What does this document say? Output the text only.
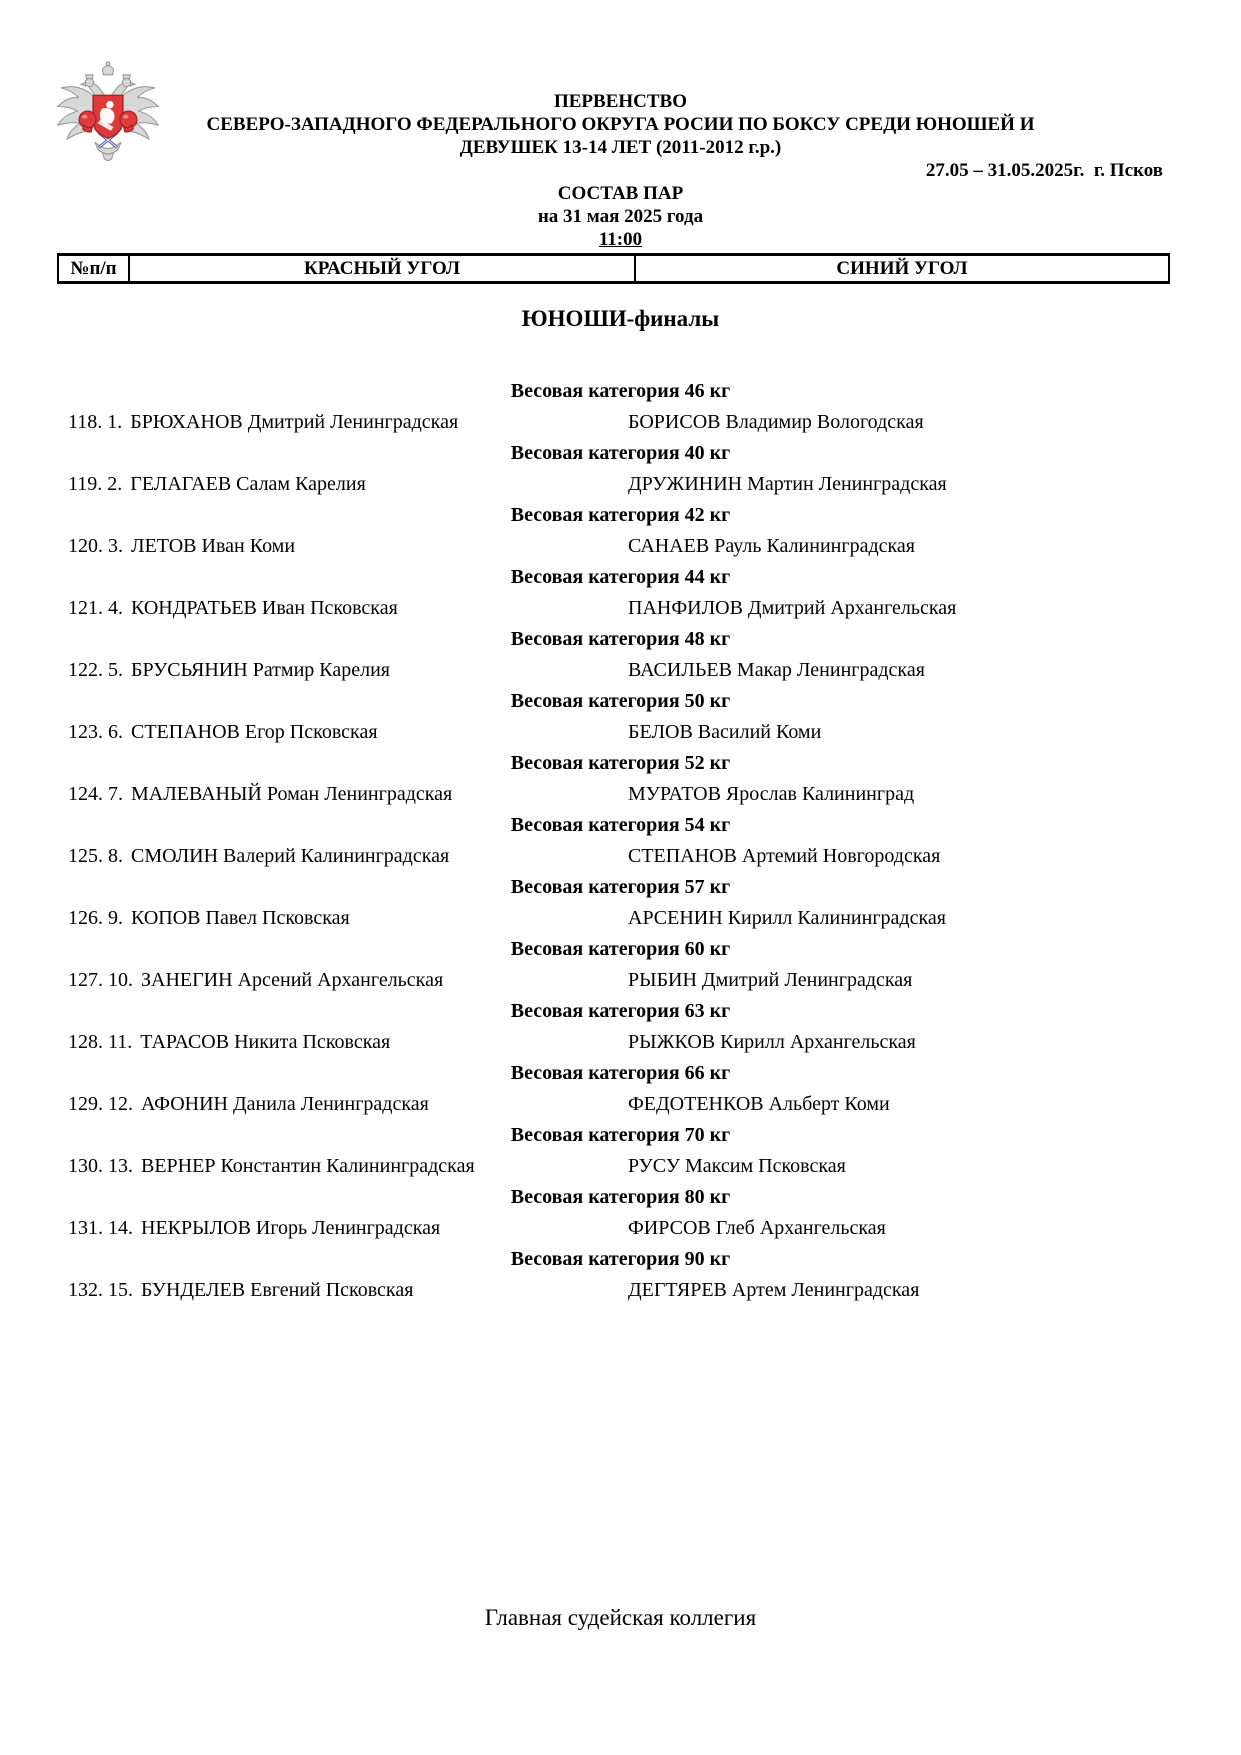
ПЕРВЕНСТВО
СЕВЕРО-ЗАПАДНОГО ФЕДЕРАЛЬНОГО ОКРУГА РОСИИ ПО БОКСУ СРЕДИ ЮНОШЕЙ И
ДЕВУШЕК 13-14 ЛЕТ (2011-2012 г.р.)
27.05 – 31.05.2025г.  г. Псков
СОСТАВ ПАР
на 31 мая 2025 года
11:00
№п/п	КРАСНЫЙ УГОЛ	СИНИЙ УГОЛ
ЮНОШИ-финалы
Весовая категория 46 кг
118. 1. БРЮХАНОВ Дмитрий Ленинградская	БОРИСОВ Владимир Вологодская
Весовая категория 40 кг
119. 2. ГЕЛАГАЕВ Салам Карелия	ДРУЖИНИН Мартин Ленинградская
Весовая категория 42 кг
120. 3. ЛЕТОВ Иван Коми	САНАЕВ Рауль Калининградская
Весовая категория 44 кг
121. 4. КОНДРАТЬЕВ Иван Псковская	ПАНФИЛОВ Дмитрий Архангельская
Весовая категория 48 кг
122. 5. БРУСЬЯНИН Ратмир Карелия	ВАСИЛЬЕВ Макар Ленинградская
Весовая категория 50 кг
123. 6. СТЕПАНОВ Егор Псковская	БЕЛОВ Василий Коми
Весовая категория 52 кг
124. 7. МАЛЕВАНЫЙ Роман Ленинградская	МУРАТОВ Ярослав Калининград
Весовая категория 54 кг
125. 8. СМОЛИН Валерий Калининградская	СТЕПАНОВ Артемий Новгородская
Весовая категория 57 кг
126. 9. КОПОВ Павел Псковская	АРСЕНИН Кирилл Калининградская
Весовая категория 60 кг
127. 10. ЗАНЕГИН Арсений Архангельская	РЫБИН Дмитрий Ленинградская
Весовая категория 63 кг
128. 11. ТАРАСОВ Никита Псковская	РЫЖКОВ Кирилл Архангельская
Весовая категория 66 кг
129. 12. АФОНИН Данила Ленинградская	ФЕДОТЕНКОВ Альберт Коми
Весовая категория 70 кг
130. 13. ВЕРНЕР Константин Калининградская	РУСУ Максим Псковская
Весовая категория 80 кг
131. 14. НЕКРЫЛОВ Игорь Ленинградская	ФИРСОВ Глеб Архангельская
Весовая категория 90 кг
132. 15. БУНДЕЛЕВ Евгений Псковская	ДЕГТЯРЕВ Артем Ленинградская
Главная судейская коллегия
